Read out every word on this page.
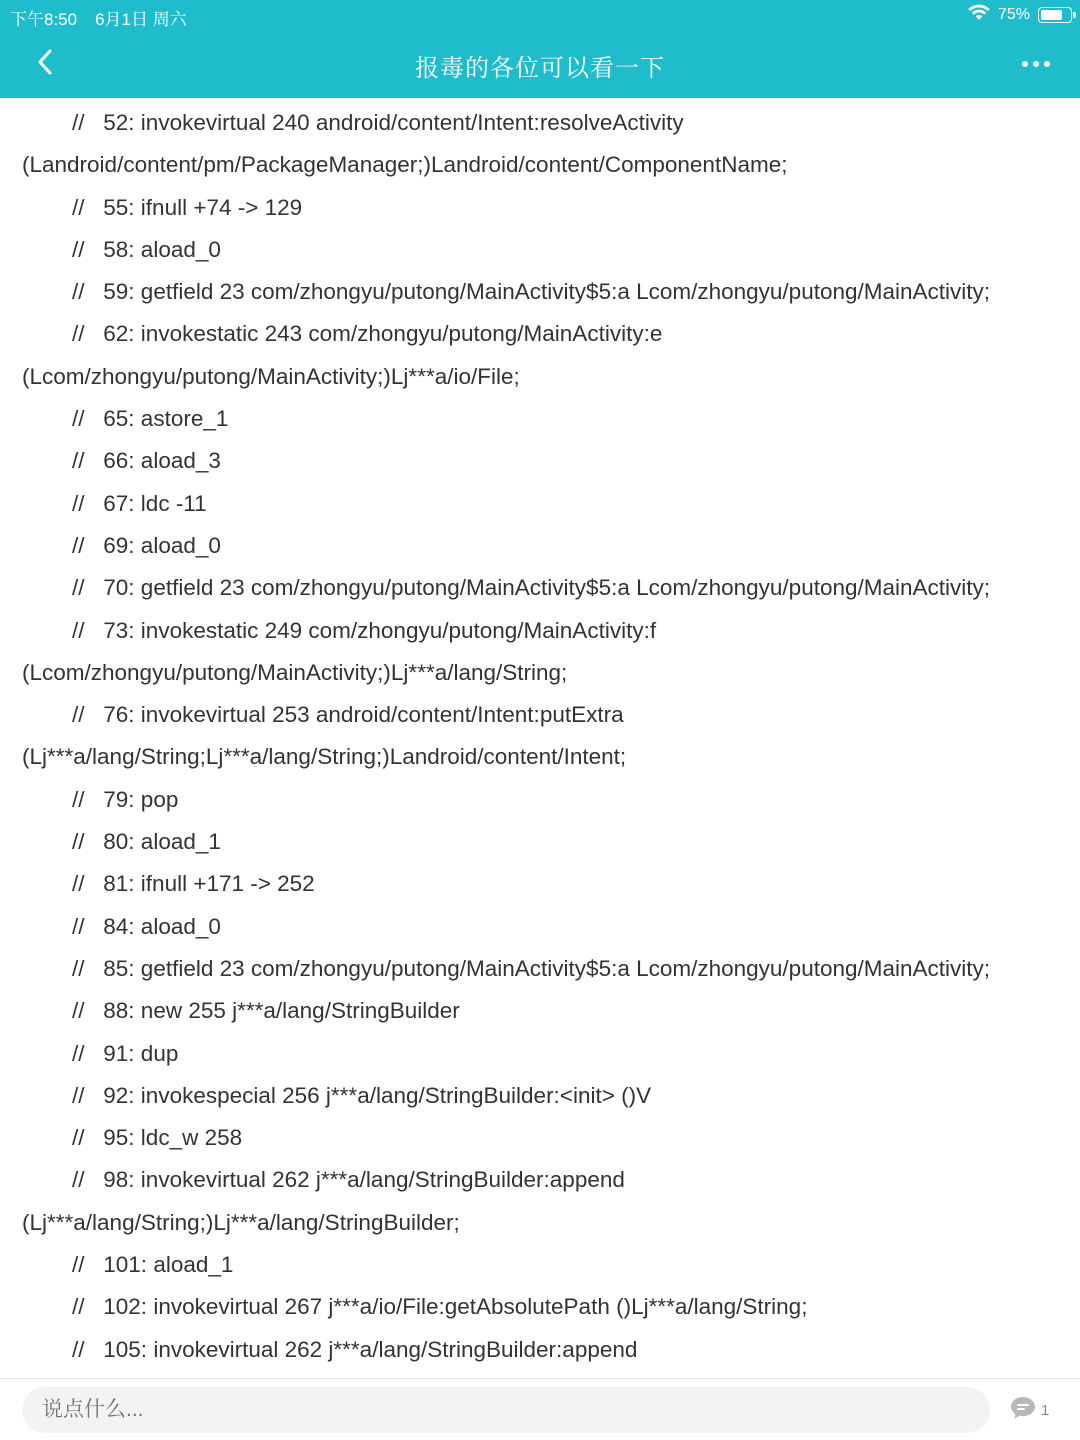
下午8:50 6月1日 周六	75%
报毒的各位可以看一下
//   52: invokevirtual 240 android/content/Intent:resolveActivity (Landroid/content/pm/PackageManager;)Landroid/content/ComponentName;
//   55: ifnull +74 -> 129
//   58: aload_0
//   59: getfield 23 com/zhongyu/putong/MainActivity$5:a Lcom/zhongyu/putong/MainActivity;
//   62: invokestatic 243 com/zhongyu/putong/MainActivity:e (Lcom/zhongyu/putong/MainActivity;)Lj***a/io/File;
//   65: astore_1
//   66: aload_3
//   67: ldc -11
//   69: aload_0
//   70: getfield 23 com/zhongyu/putong/MainActivity$5:a Lcom/zhongyu/putong/MainActivity;
//   73: invokestatic 249 com/zhongyu/putong/MainActivity:f (Lcom/zhongyu/putong/MainActivity;)Lj***a/lang/String;
//   76: invokevirtual 253 android/content/Intent:putExtra (Lj***a/lang/String;Lj***a/lang/String;)Landroid/content/Intent;
//   79: pop
//   80: aload_1
//   81: ifnull +171 -> 252
//   84: aload_0
//   85: getfield 23 com/zhongyu/putong/MainActivity$5:a Lcom/zhongyu/putong/MainActivity;
//   88: new 255 j***a/lang/StringBuilder
//   91: dup
//   92: invokespecial 256 j***a/lang/StringBuilder:<init> ()V
//   95: ldc_w 258
//   98: invokevirtual 262 j***a/lang/StringBuilder:append (Lj***a/lang/String;)Lj***a/lang/StringBuilder;
//   101: aload_1
//   102: invokevirtual 267 j***a/io/File:getAbsolutePath ()Lj***a/lang/String;
//   105: invokevirtual 262 j***a/lang/StringBuilder:append
说点什么...
1
